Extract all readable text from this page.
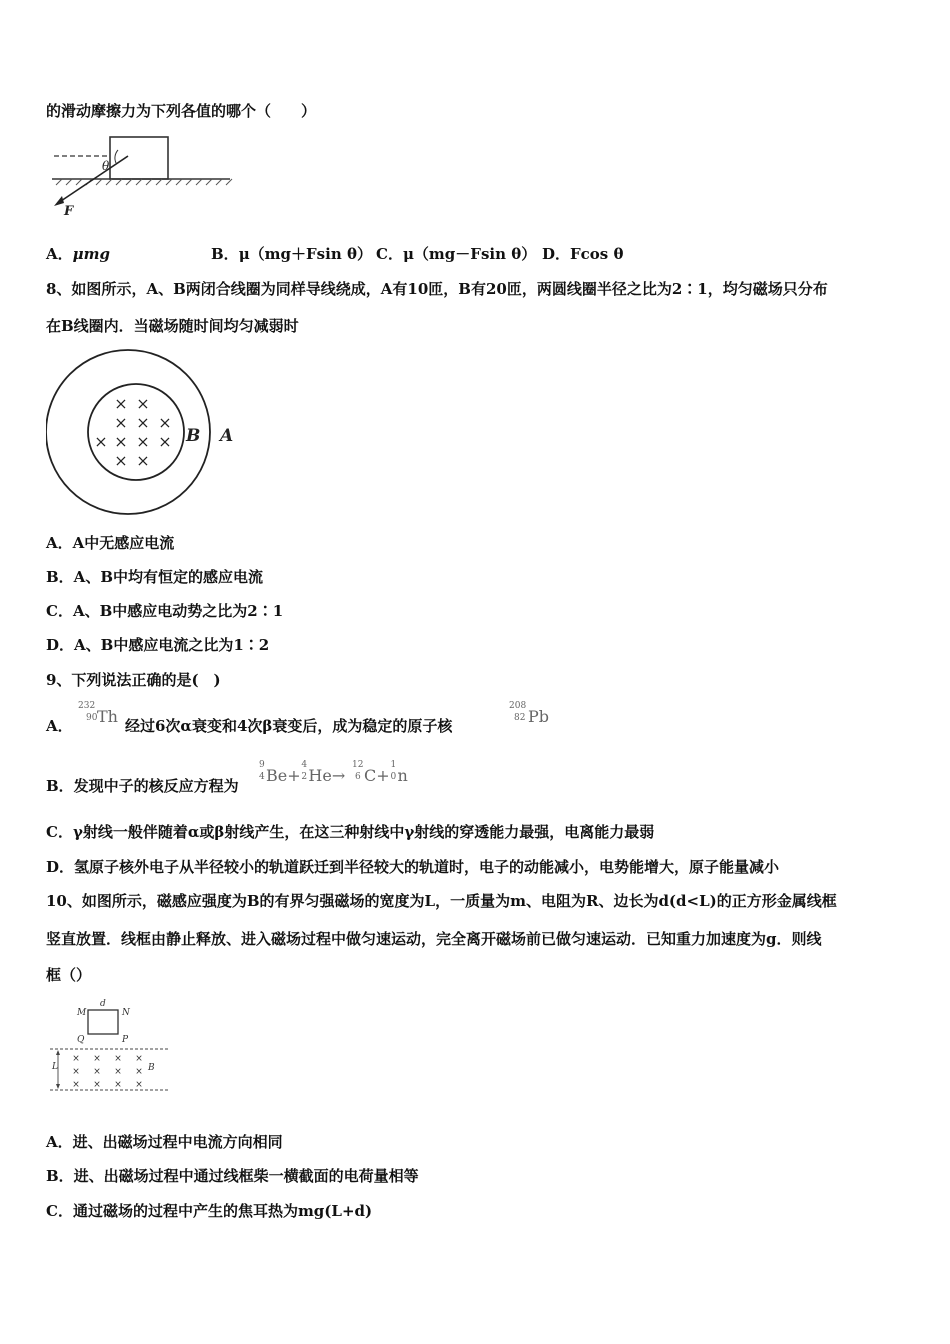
的滑动摩擦力为下列各值的哪个（　　）
θ
F
A．μmg	B．μ（mg＋Fsin θ） C．μ（mg－Fsin θ） D．Fcos θ
8、如图所示，A、B两闭合线圈为同样导线绕成，A有10匝，B有20匝，两圆线圈半径之比为2∶1，均匀磁场只分布
在B线圈内．当磁场随时间均匀减弱时
× ×
× × ×
× × × ×
× ×
B A
A．A中无感应电流
B．A、B中均有恒定的感应电流
C．A、B中感应电动势之比为2∶1
D．A、B中感应电流之比为1∶2
9、下列说法正确的是(　)
A．
232
90 Th 经过6次α衰变和4次β衰变后，成为稳定的原子核
208
82 Pb
B．发现中子的核反应方程为
9
4 Be+
4
2 He→
12
6 C+
1
0 n
C．γ射线一般伴随着α或β射线产生，在这三种射线中γ射线的穿透能力最强，电离能力最弱
D．氢原子核外电子从半径较小的轨道跃迁到半径较大的轨道时，电子的动能减小，电势能增大，原子能量减小
10、如图所示，磁感应强度为B的有界匀强磁场的宽度为L，一质量为m、电阻为R、边长为d(d<L)的正方形金属线框
竖直放置．线框由静止释放、进入磁场过程中做匀速运动，完全离开磁场前已做匀速运动．已知重力加速度为g．则线
框（）
d
M	N
Q	P
L	B
× × × ×
× × × ×
× × × ×
A．进、出磁场过程中电流方向相同
B．进、出磁场过程中通过线框柴一横截面的电荷量相等
C．通过磁场的过程中产生的焦耳热为mg(L+d)
